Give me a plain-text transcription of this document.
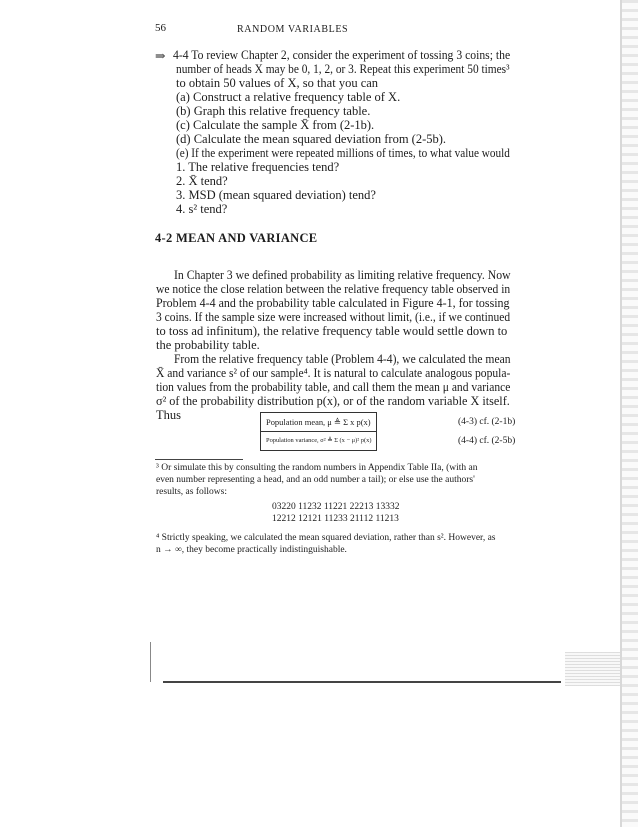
56	RANDOM VARIABLES
⇒ 4-4 To review Chapter 2, consider the experiment of tossing 3 coins; the
number of heads X may be 0, 1, 2, or 3. Repeat this experiment 50 times³
to obtain 50 values of X, so that you can
(a) Construct a relative frequency table of X.
(b) Graph this relative frequency table.
(c) Calculate the sample X̄ from (2-1b).
(d) Calculate the mean squared deviation from (2-5b).
(e) If the experiment were repeated millions of times, to what value would
1. The relative frequencies tend?
2. X̄ tend?
3. MSD (mean squared deviation) tend?
4. s² tend?
4-2 MEAN AND VARIANCE
In Chapter 3 we defined probability as limiting relative frequency. Now
we notice the close relation between the relative frequency table observed in
Problem 4-4 and the probability table calculated in Figure 4-1, for tossing
3 coins. If the sample size were increased without limit, (i.e., if we continued
to toss ad infinitum), the relative frequency table would settle down to
the probability table.
From the relative frequency table (Problem 4-4), we calculated the mean
X̄ and variance s² of our sample⁴. It is natural to calculate analogous popula-
tion values from the probability table, and call them the mean μ and variance
σ² of the probability distribution p(x), or of the random variable X itself.
Thus	Population mean, μ ≜ Σ x p(x)
Population variance, σ² ≜ Σ (x − μ)² p(x)
(4-3) cf. (2-1b)
(4-4) cf. (2-5b)
³ Or simulate this by consulting the random numbers in Appendix Table IIa, (with an
even number representing a head, and an odd number a tail); or else use the authors'
results, as follows:
03220 11232 11221 22213 13332
12212 12121 11233 21112 11213
⁴ Strictly speaking, we calculated the mean squared deviation, rather than s². However, as
n → ∞, they become practically indistinguishable.
